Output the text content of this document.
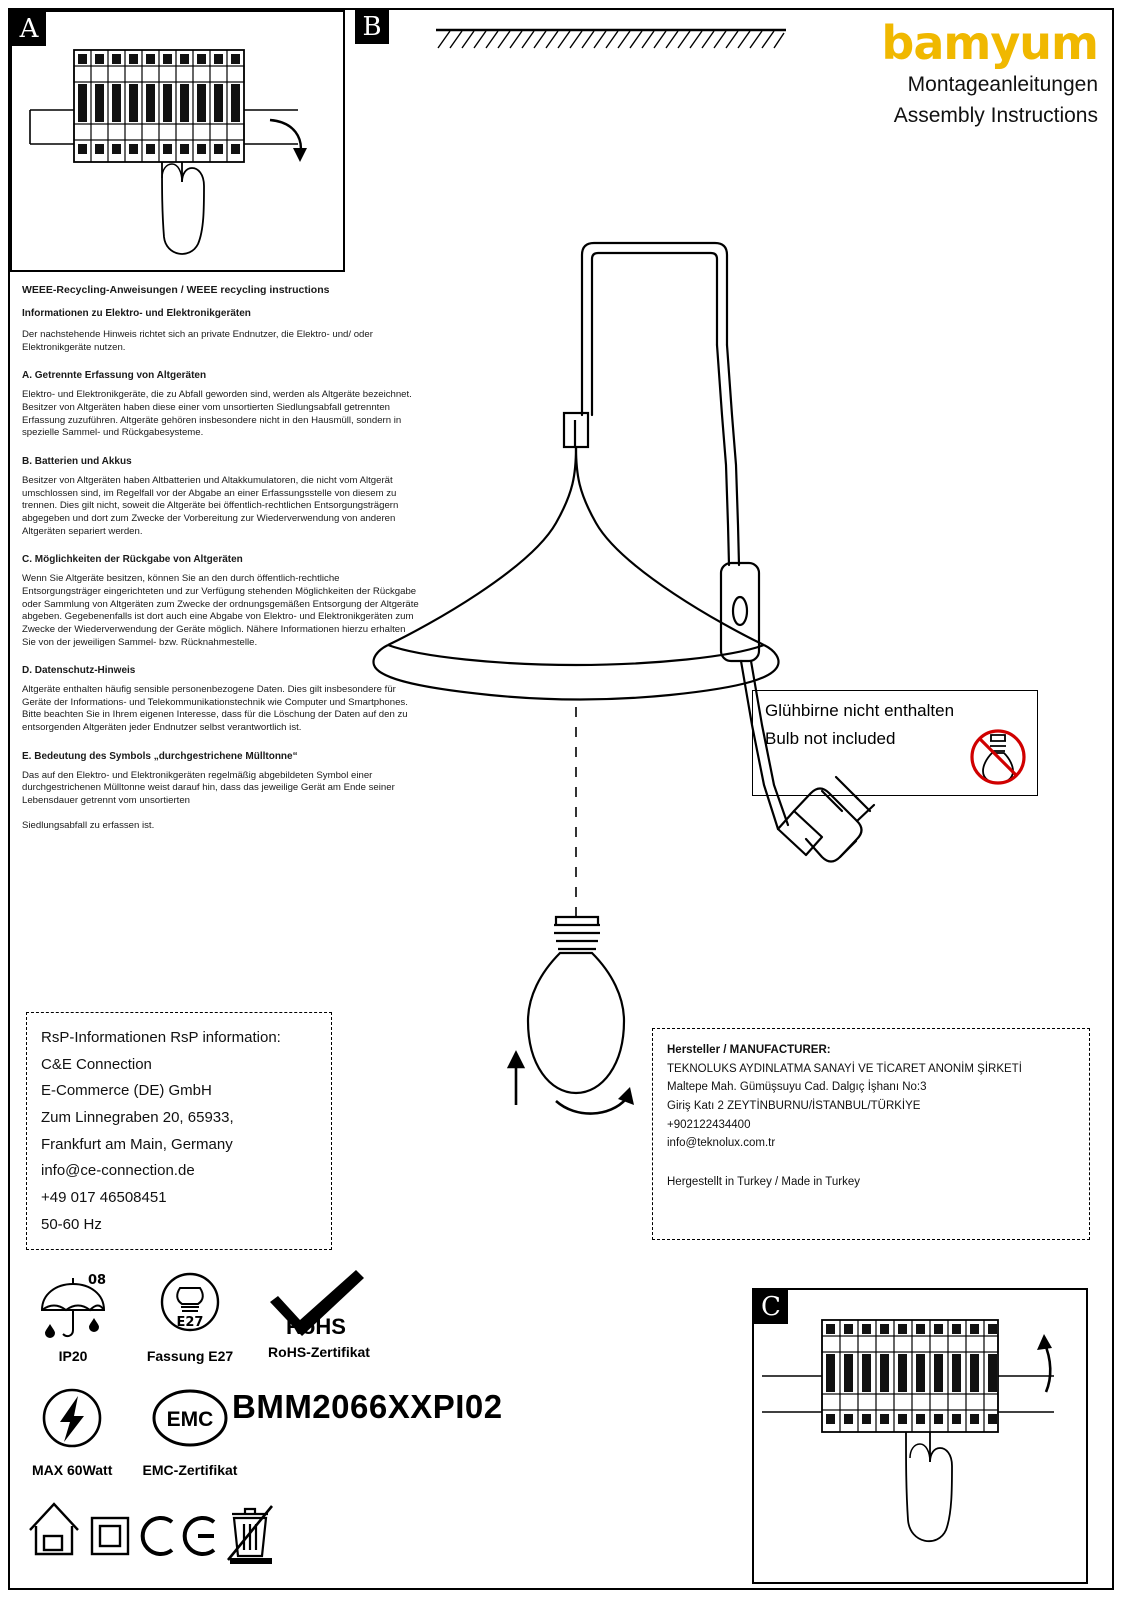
A	B	bamyum
Montageanleitungen
Assembly Instructions
WEEE-Recycling-Anweisungen / WEEE recycling instructions
Informationen zu Elektro- und Elektronikgeräten

Der nachstehende Hinweis richtet sich an private Endnutzer, die Elektro- und/ oder Elektronikgeräte nutzen.

A. Getrennte Erfassung von Altgeräten

Elektro- und Elektronikgeräte, die zu Abfall geworden sind, werden als Altgeräte bezeichnet. Besitzer von Altgeräten haben diese einer vom unsortierten Siedlungsabfall getrennten Erfassung zuzuführen. Altgeräte gehören insbesondere nicht in den Hausmüll, sondern in spezielle Sammel- und Rückgabesysteme.

B. Batterien und Akkus

Besitzer von Altgeräten haben Altbatterien und Altakkumulatoren, die nicht vom Altgerät umschlossen sind, im Regelfall vor der Abgabe an einer Erfassungsstelle von diesem zu trennen. Dies gilt nicht, soweit die Altgeräte bei öffentlich-rechtlichen Entsorgungsträgern abgegeben und dort zum Zwecke der Vorbereitung zur Wiederverwendung von anderen Altgeräten separiert werden.

C. Möglichkeiten der Rückgabe von Altgeräten

Wenn Sie Altgeräte besitzen, können Sie an den durch öffentlich-rechtliche Entsorgungsträger eingerichteten und zur Verfügung stehenden Möglichkeiten der Rückgabe oder Sammlung von Altgeräten zum Zwecke der ordnungsgemäßen Entsorgung der Altgeräte abgeben. Gegebenenfalls ist dort auch eine Abgabe von Elektro- und Elektronikgeräten zum Zwecke der Wiederverwendung der Geräte möglich. Nähere Informationen hierzu erhalten Sie von der jeweiligen Sammel- bzw. Rücknahmestelle.

D. Datenschutz-Hinweis

Altgeräte enthalten häufig sensible personenbezogene Daten. Dies gilt insbesondere für Geräte der Informations- und Telekommunikationstechnik wie Computer und Smartphones. Bitte beachten Sie in Ihrem eigenen Interesse, dass für die Löschung der Daten auf den zu entsorgenden Altgeräten jeder Endnutzer selbst verantwortlich ist.

E. Bedeutung des Symbols „durchgestrichene Mülltonne“

Das auf den Elektro- und Elektronikgeräten regelmäßig abgebildeten Symbol einer durchgestrichenen Mülltonne weist darauf hin, dass das jeweilige Gerät am Ende seiner Lebensdauer getrennt vom unsortierten

Siedlungsabfall zu erfassen ist.

Glühbirne nicht enthalten
Bulb not included
RsP-Informationen RsP information:
C&E Connection
E-Commerce (DE) GmbH
Zum Linnegraben 20, 65933,
Frankfurt am Main, Germany
info@ce-connection.de
+49 017 46508451
50-60 Hz
Hersteller / MANUFACTURER:
TEKNOLUKS AYDINLATMA SANAYİ VE TİCARET ANONİM ŞİRKETİ
Maltepe Mah. Gümüşsuyu Cad. Dalgıç İşhanı No:3
Giriş Katı 2 ZEYTİNBURNU/İSTANBUL/TÜRKİYE
+902122434400
info@teknolux.com.tr
Hergestellt in Turkey / Made in Turkey
08
IP20
E27
Fassung E27
RoHS
RoHS-Zertifikat
MAX 60Watt
EMC
EMC-Zertifikat
BMM2066XXPI02
C
